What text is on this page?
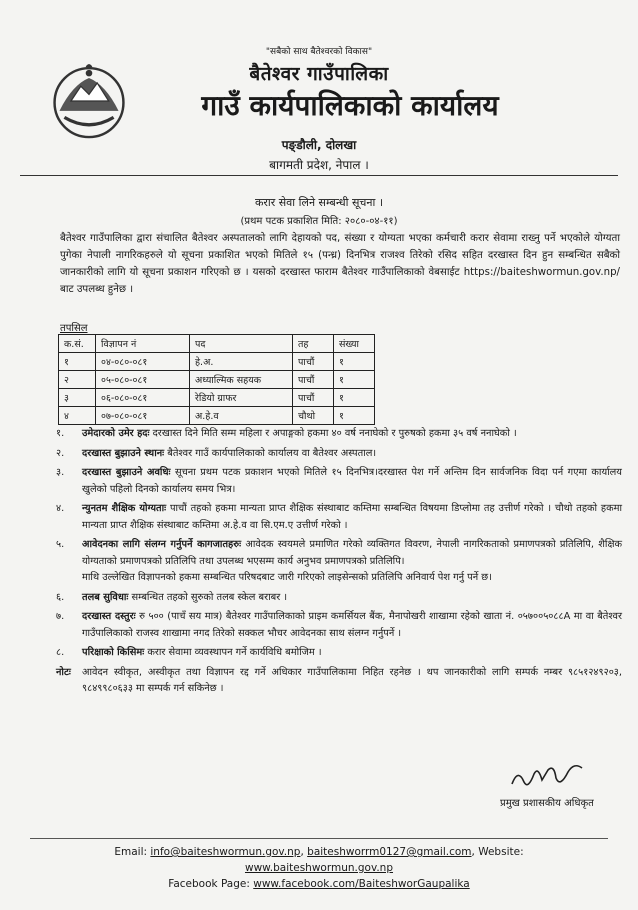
"सबैको साथ बैतेश्वरको विकास"
बैतेश्वर गाउँपालिका
गाउँ कार्यपालिकाको कार्यालय
पङ्डौली, दोलखा
बागमती प्रदेश, नेपाल ।
करार सेवा लिने सम्बन्धी सूचना ।
(प्रथम पटक प्रकाशित मिति: २०८०-०४-११)
बैतेश्वर गाउँपालिका द्वारा संचालित बैतेश्वर अस्पतालको लागि देहायको पद, संख्या र योग्यता भएका कर्मचारी करार सेवामा राख्नु पर्ने भएकोले योग्यता पुगेका नेपाली नागरिकहरुले यो सूचना प्रकाशित भएको मितिले १५ (पन्ध्र) दिनभित्र राजश्व तिरेको रसिद सहित दरखास्त दिन हुन सम्बन्धित सबैको जानकारीको लागि यो सूचना प्रकाशन गरिएको छ । यसको दरखास्त फाराम बैतेश्वर गाउँपालिकाको वेबसाईट https://baiteshwormun.gov.np/ बाट उपलब्ध हुनेछ ।
तपसिल
क.सं.	विज्ञापन नं	पद	तह	संख्या
१	०४-०८०-०८१	हे.अ.	पाचौं	१
२	०५-०८०-०८१	अध्याल्मिक सहयक	पाचौं	१
३	०६-०८०-०८१	रेडियो ग्राफर	पाचौं	१
४	०७-०८०-०८१	अ.हे.व	चौथो	१
१.	उमेदारको उमेर हदः दरखास्त दिने मिति सम्म महिला र अपाङ्गको हकमा ४० वर्ष ननाघेको र पुरुषको हकमा ३५ वर्ष ननाघेको ।
२.	दरखास्त बुझाउने स्थानः बैतेश्वर गाउँ कार्यपालिकाको कार्यालय वा बैतेश्वर अस्पताल।
३.	दरखास्त बुझाउने अवधिः सूचना प्रथम पटक प्रकाशन भएको मितिले १५ दिनभित्र।दरखास्त पेश गर्ने अन्तिम दिन सार्वजनिक विदा पर्न गएमा कार्यालय खुलेको पहिलो दिनको कार्यालय समय भित्र।
४.	न्युनतम शैक्षिक योग्यताः पाचौं तहको हकमा मान्यता प्राप्त शैक्षिक संस्थाबाट कम्तिमा सम्बन्धित विषयमा डिप्लोमा तह उत्तीर्ण गरेको । चौथो तहको हकमा मान्यता प्राप्त शैक्षिक संस्थाबाट कम्तिमा अ.हे.व वा सि.एम.ए उत्तीर्ण गरेको ।
५.	आवेदनका लागि संलग्न गर्नुपर्ने कागजातहरुः आवेदक स्वयमले प्रमाणित गरेको व्यक्तिगत विवरण, नेपाली नागरिकताको प्रमाणपत्रको प्रतिलिपि, शैक्षिक योग्यताको प्रमाणपत्रको प्रतिलिपि तथा उपलब्ध भएसम्म कार्य अनुभव प्रमाणपत्रको प्रतिलिपि।
माथि उल्लेखित विज्ञापनको हकमा सम्बन्धित परिषदबाट जारी गरिएको लाइसेन्सको प्रतिलिपि अनिवार्य पेश गर्नु पर्ने छ।
६.	तलब सुविधाः सम्बन्धित तहको सुरुको तलब स्केल बराबर ।
७.	दरखास्त दस्तुरः रु ५०० (पाचँ सय मात्र) बैतेश्वर गाउँपालिकाको प्राइम कमर्सियल बैंक, मैनापोखरी शाखामा रहेको खाता नं. ०५७००५०८८A मा वा बैतेश्वर गाउँपालिकाको राजस्व शाखामा नगद तिरेको सक्कल भौचर आवेदनका साथ संलग्न गर्नुपर्ने ।
८.	परिक्षाको किसिमः करार सेवामा व्यवस्थापन गर्ने कार्यविधि बमोजिम ।
नोटः	आवेदन स्वीकृत, अस्वीकृत तथा विज्ञापन रद्द गर्ने अधिकार गाउँपालिकामा निहित रहनेछ । थप जानकारीको लागि सम्पर्क नम्बर ९८५१२४९२०३, ९८४९९८०६३३ मा सम्पर्क गर्न सकिनेछ ।
प्रमुख प्रशासकीय अधिकृत
Email: info@baiteshwormun.gov.np, baiteshworrm0127@gmail.com, Website:
www.baiteshwormun.gov.np
Facebook Page: www.facebook.com/BaiteshworGaupalika
